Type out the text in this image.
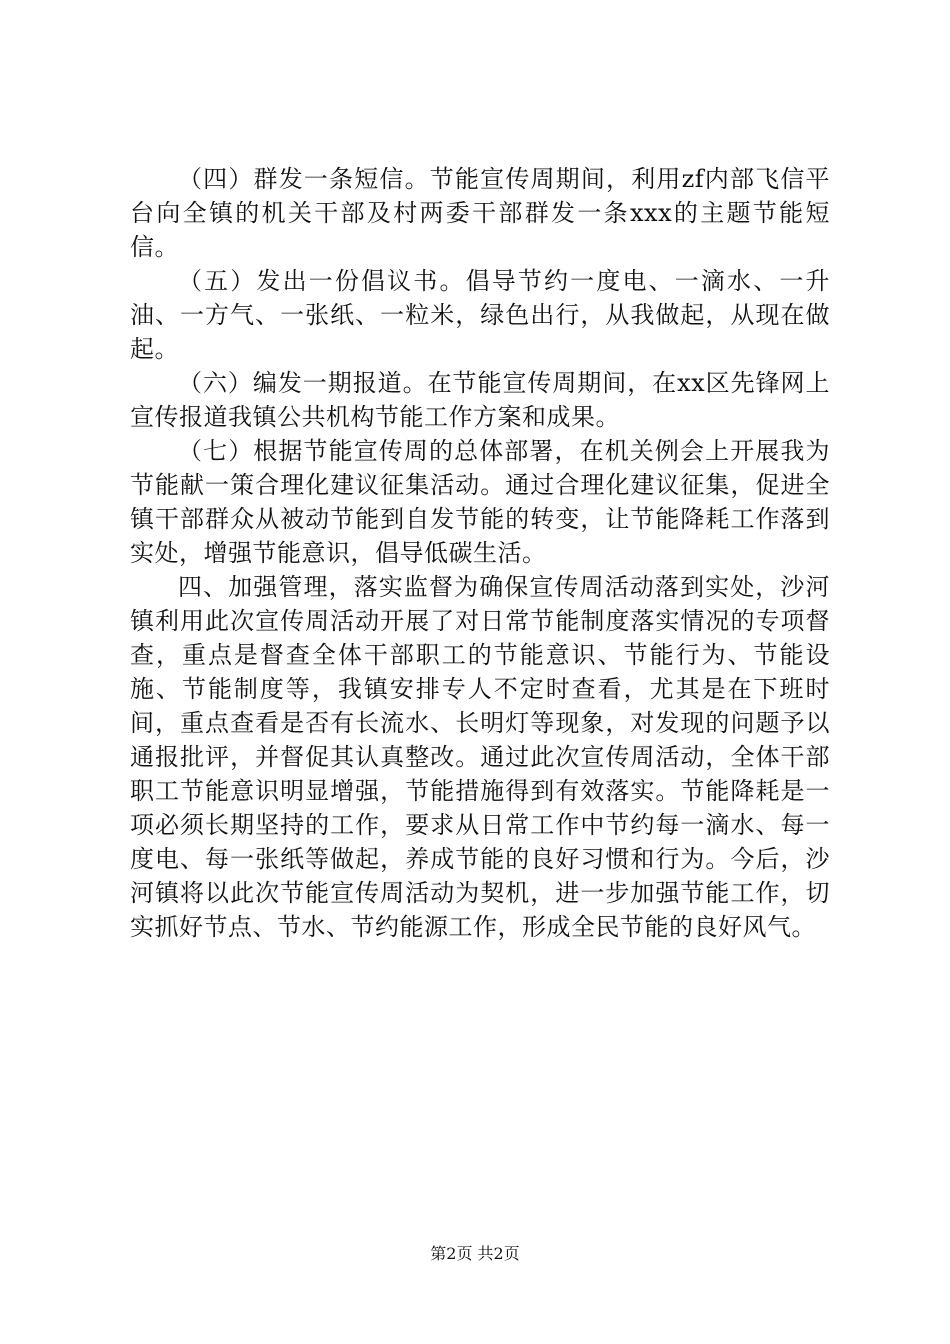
（四）群发一条短信。节能宣传周期间，利用zf内部飞信平台向全镇的机关干部及村两委干部群发一条xxx的主题节能短信。

（五）发出一份倡议书。倡导节约一度电、一滴水、一升油、一方气、一张纸、一粒米，绿色出行，从我做起，从现在做起。

（六）编发一期报道。在节能宣传周期间，在xx区先锋网上宣传报道我镇公共机构节能工作方案和成果。

（七）根据节能宣传周的总体部署，在机关例会上开展我为节能献一策合理化建议征集活动。通过合理化建议征集，促进全镇干部群众从被动节能到自发节能的转变，让节能降耗工作落到实处，增强节能意识，倡导低碳生活。

四、加强管理，落实监督为确保宣传周活动落到实处，沙河镇利用此次宣传周活动开展了对日常节能制度落实情况的专项督查，重点是督查全体干部职工的节能意识、节能行为、节能设施、节能制度等，我镇安排专人不定时查看，尤其是在下班时间，重点查看是否有长流水、长明灯等现象，对发现的问题予以通报批评，并督促其认真整改。通过此次宣传周活动，全体干部职工节能意识明显增强，节能措施得到有效落实。节能降耗是一项必须长期坚持的工作，要求从日常工作中节约每一滴水、每一度电、每一张纸等做起，养成节能的良好习惯和行为。今后，沙河镇将以此次节能宣传周活动为契机，进一步加强节能工作，切实抓好节点、节水、节约能源工作，形成全民节能的良好风气。

第2页 共2页
